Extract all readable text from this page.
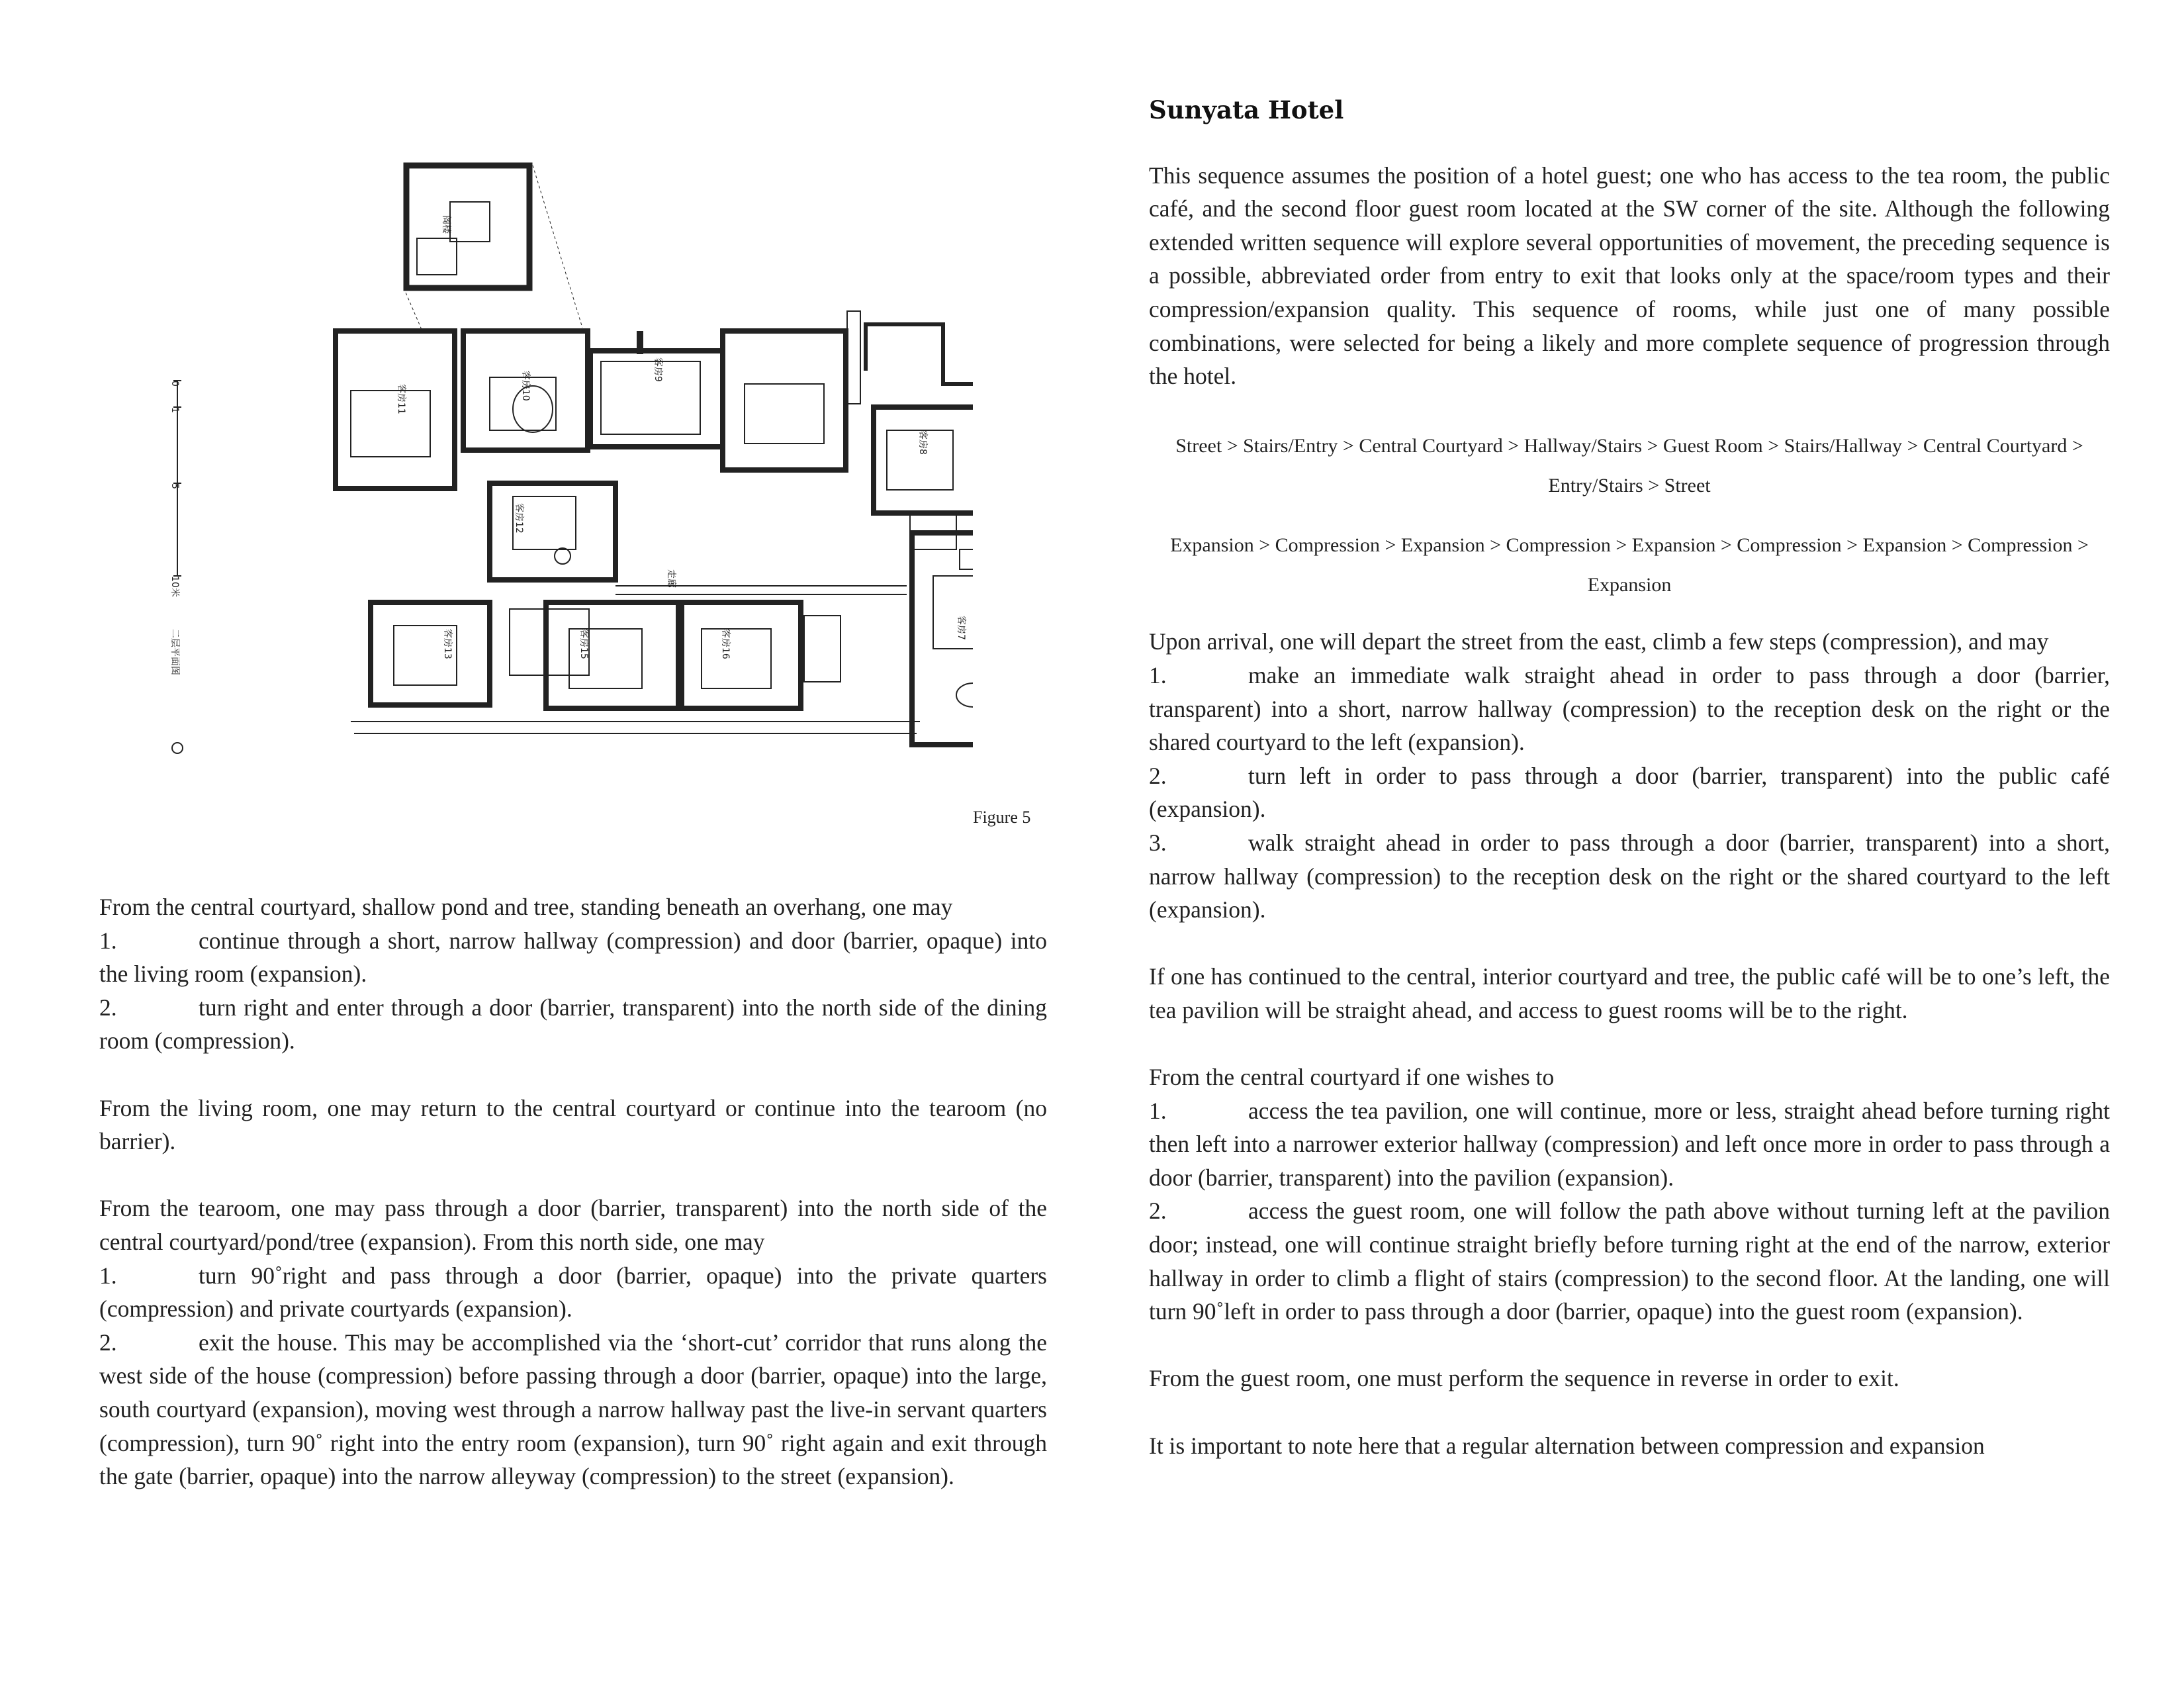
0
1
5
10米
二层平面图
阁楼
客房11	客房10
客房9
客房8
客房12
客房13	客房15	客房16
客房7
走廊
Figure 5

From the central courtyard, shallow pond and tree, standing beneath an overhang, one may
1.	continue through a short, narrow hallway (compression) and door (barrier, opaque) into the living room (expansion).
2.	turn right and enter through a door (barrier, transparent) into the north side of the dining room (compression).

From the living room, one may return to the central courtyard or continue into the tearoom (no barrier).

From the tearoom, one may pass through a door (barrier, transparent) into the north side of the central courtyard/pond/tree (expansion). From this north side, one may
1.	turn 90˚right and pass through a door (barrier, opaque) into the private quarters (compression) and private courtyards (expansion).
2.	exit the house. This may be accomplished via the ‘short-cut’ corridor that runs along the west side of the house (compression) before passing through a door (barrier, opaque) into the large, south courtyard (expansion), moving west through a narrow hallway past the live-in servant quarters (compression), turn 90˚ right into the entry room (expansion), turn 90˚ right again and exit through the gate (barrier, opaque) into the narrow alleyway (compression) to the street (expansion).

Sunyata Hotel

This sequence assumes the position of a hotel guest; one who has access to the tea room, the public café, and the second floor guest room located at the SW corner of the site. Although the following extended written sequence will explore several opportunities of movement, the preceding sequence is a possible, abbreviated order from entry to exit that looks only at the space/room types and their compression/expansion quality. This sequence of rooms, while just one of many possible combinations, were selected for being a likely and more complete sequence of progression through the hotel.

Street > Stairs/Entry > Central Courtyard > Hallway/Stairs > Guest Room > Stairs/Hallway > Central Courtyard > Entry/Stairs > Street

Expansion > Compression > Expansion > Compression > Expansion > Compression > Expansion > Compression > Expansion

Upon arrival, one will depart the street from the east, climb a few steps (compression), and may
1.	make an immediate walk straight ahead in order to pass through a door (barrier, transparent) into a short, narrow hallway (compression) to the reception desk on the right or the shared courtyard to the left (expansion).
2.	turn left in order to pass through a door (barrier, transparent) into the public café (expansion).
3.	walk straight ahead in order to pass through a door (barrier, transparent) into a short, narrow hallway (compression) to the reception desk on the right or the shared courtyard to the left (expansion).

If one has continued to the central, interior courtyard and tree, the public café will be to one’s left, the tea pavilion will be straight ahead, and access to guest rooms will be to the right.

From the central courtyard if one wishes to
1.	access the tea pavilion, one will continue, more or less, straight ahead before turning right then left into a narrower exterior hallway (compression) and left once more in order to pass through a door (barrier, transparent) into the pavilion (expansion).
2.	access the guest room, one will follow the path above without turning left at the pavilion door; instead, one will continue straight briefly before turning right at the end of the narrow, exterior hallway in order to climb a flight of stairs (compression) to the second floor. At the landing, one will turn 90˚left in order to pass through a door (barrier, opaque) into the guest room (expansion).

From the guest room, one must perform the sequence in reverse in order to exit.

It is important to note here that a regular alternation between compression and expansion
